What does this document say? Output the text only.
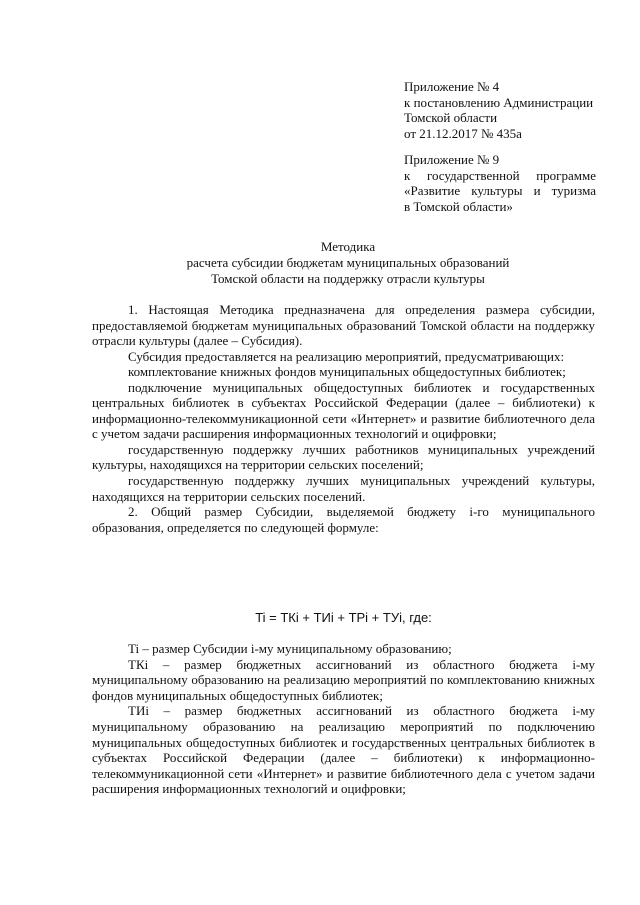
Приложение № 4
к постановлению Администрации
Томской области
от 21.12.2017 № 435а
Приложение № 9
к государственной программе
«Развитие культуры и туризма
в Томской области»
Методика
расчета субсидии бюджетам муниципальных образований
Томской области на поддержку отрасли культуры
1. Настоящая Методика предназначена для определения размера субсидии, предоставляемой бюджетам муниципальных образований Томской области на поддержку отрасли культуры (далее – Субсидия).
Субсидия предоставляется на реализацию мероприятий, предусматривающих:
комплектование книжных фондов муниципальных общедоступных библиотек;
подключение муниципальных общедоступных библиотек и государственных центральных библиотек в субъектах Российской Федерации (далее – библиотеки) к информационно-телекоммуникационной сети «Интернет» и развитие библиотечного дела с учетом задачи расширения информационных технологий и оцифровки;
государственную поддержку лучших работников муниципальных учреждений культуры, находящихся на территории сельских поселений;
государственную поддержку лучших муниципальных учреждений культуры, находящихся на территории сельских поселений.
2. Общий размер Субсидии, выделяемой бюджету i-го муниципального образования, определяется по следующей формуле:
Ti = ТКi + ТИi + ТРi + ТУi, где:
Ti – размер Субсидии i-му муниципальному образованию;
ТКi – размер бюджетных ассигнований из областного бюджета i-му муниципальному образованию на реализацию мероприятий по комплектованию книжных фондов муниципальных общедоступных библиотек;
ТИi – размер бюджетных ассигнований из областного бюджета i-му муниципальному образованию на реализацию мероприятий по подключению муниципальных общедоступных библиотек и государственных центральных библиотек в субъектах Российской Федерации (далее – библиотеки) к информационно-телекоммуникационной сети «Интернет» и развитие библиотечного дела с учетом задачи расширения информационных технологий и оцифровки;
